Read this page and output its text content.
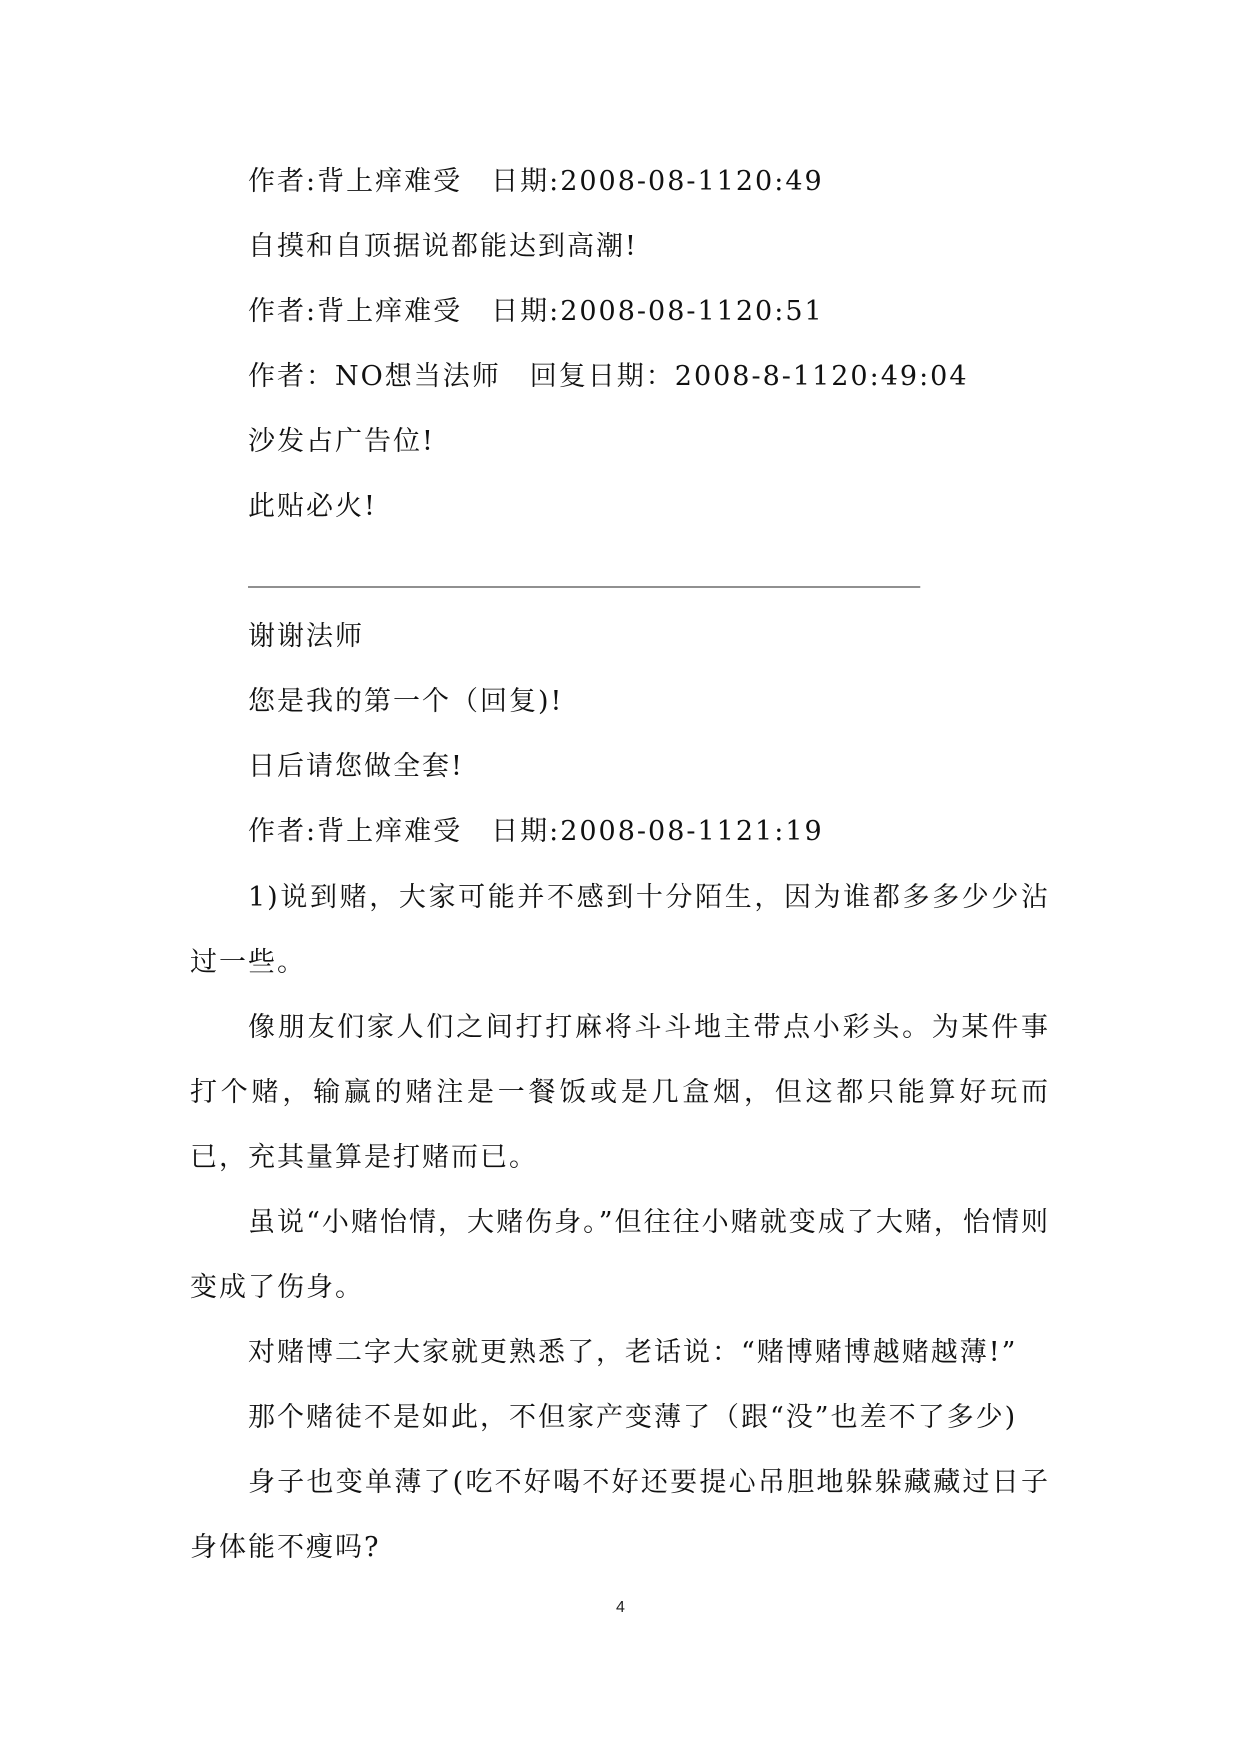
作者:背上痒难受　日期:2008-08-1120:49
自摸和自顶据说都能达到高潮!
作者:背上痒难受　日期:2008-08-1120:51
作者：NO想当法师　回复日期：2008-8-1120:49:04
沙发占广告位!
此贴必火!
____________________________________________
谢谢法师
您是我的第一个（回复)!
日后请您做全套!
作者:背上痒难受　日期:2008-08-1121:19
1)说到赌，大家可能并不感到十分陌生，因为谁都多多少少沾过一些。
像朋友们家人们之间打打麻将斗斗地主带点小彩头。为某件事打个赌，输赢的赌注是一餐饭或是几盒烟，但这都只能算好玩而已，充其量算是打赌而已。
虽说“小赌怡情，大赌伤身。”但往往小赌就变成了大赌，怡情则变成了伤身。
对赌博二字大家就更熟悉了，老话说：“赌博赌博越赌越薄!”
那个赌徒不是如此，不但家产变薄了（跟“没”也差不了多少)
身子也变单薄了(吃不好喝不好还要提心吊胆地躲躲藏藏过日子身体能不瘦吗?
4
